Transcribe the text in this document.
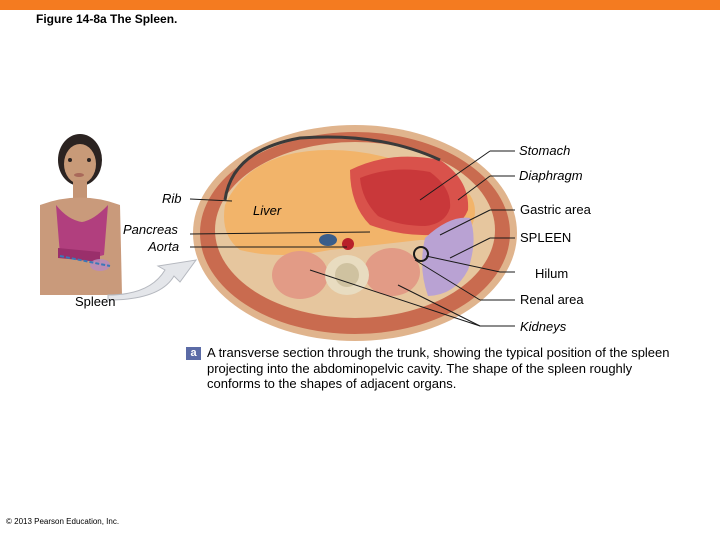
Figure 14-8a The Spleen.
Stomach
Diaphragm
Rib
Liver	Gastric area
Pancreas
Aorta
SPLEEN
Hilum
Spleen	Renal area
Kidneys
a A transverse section through the trunk, showing the typical position of the spleen projecting into the abdominopelvic cavity. The shape of the spleen roughly conforms to the shapes of adjacent organs.
© 2013 Pearson Education, Inc.
